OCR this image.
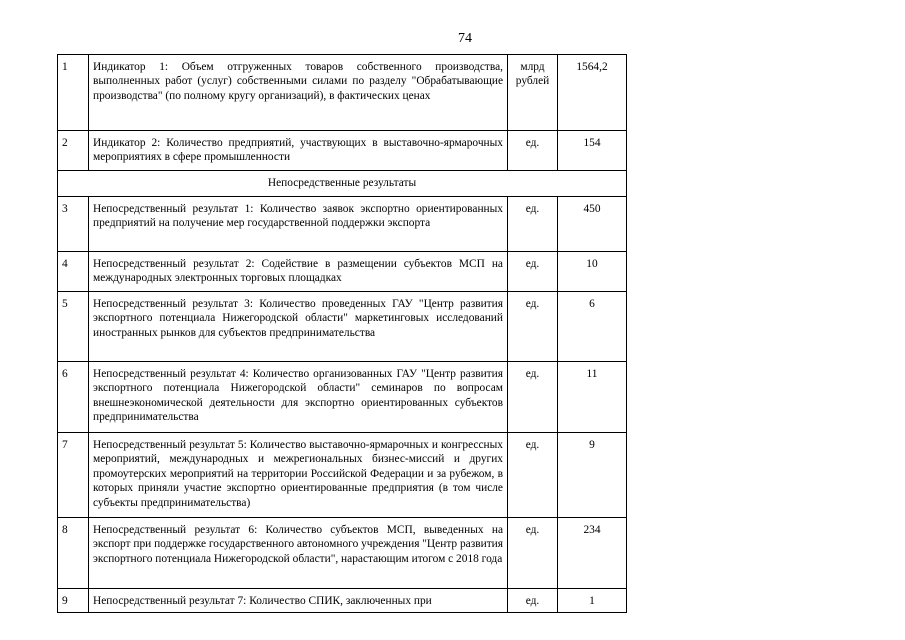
74
1	Индикатор 1: Объем отгруженных товаров собственного производства, выполненных работ (услуг) собственными силами по разделу "Обрабатывающие производства" (по полному кругу организаций), в фактических ценах	млрд рублей	1564,2
2	Индикатор 2: Количество предприятий, участвующих в выставочно-ярмарочных мероприятиях в сфере промышленности	ед.	154
Непосредственные результаты			
3	Непосредственный результат 1: Количество заявок экспортно ориентированных предприятий на получение мер государственной поддержки экспорта	ед.	450
4	Непосредственный результат 2: Содействие в размещении субъектов МСП на международных электронных торговых площадках	ед.	10
5	Непосредственный результат 3: Количество проведенных ГАУ "Центр развития экспортного потенциала Нижегородской области" маркетинговых исследований иностранных рынков для субъектов предпринимательства	ед.	6
6	Непосредственный результат 4: Количество организованных ГАУ "Центр развития экспортного потенциала Нижегородской области" семинаров по вопросам внешнеэкономической деятельности для экспортно ориентированных субъектов предпринимательства	ед.	11
7	Непосредственный результат 5: Количество выставочно-ярмарочных и конгрессных мероприятий, международных и межрегиональных бизнес-миссий и других промоутерских мероприятий на территории Российской Федерации и за рубежом, в которых приняли участие экспортно ориентированные предприятия (в том числе субъекты предпринимательства)	ед.	9
8	Непосредственный результат 6: Количество субъектов МСП, выведенных на экспорт при поддержке государственного автономного учреждения "Центр развития экспортного потенциала Нижегородской области", нарастающим итогом с 2018 года	ед.	234
9	Непосредственный результат 7: Количество СПИК, заключенных при	ед.	1
